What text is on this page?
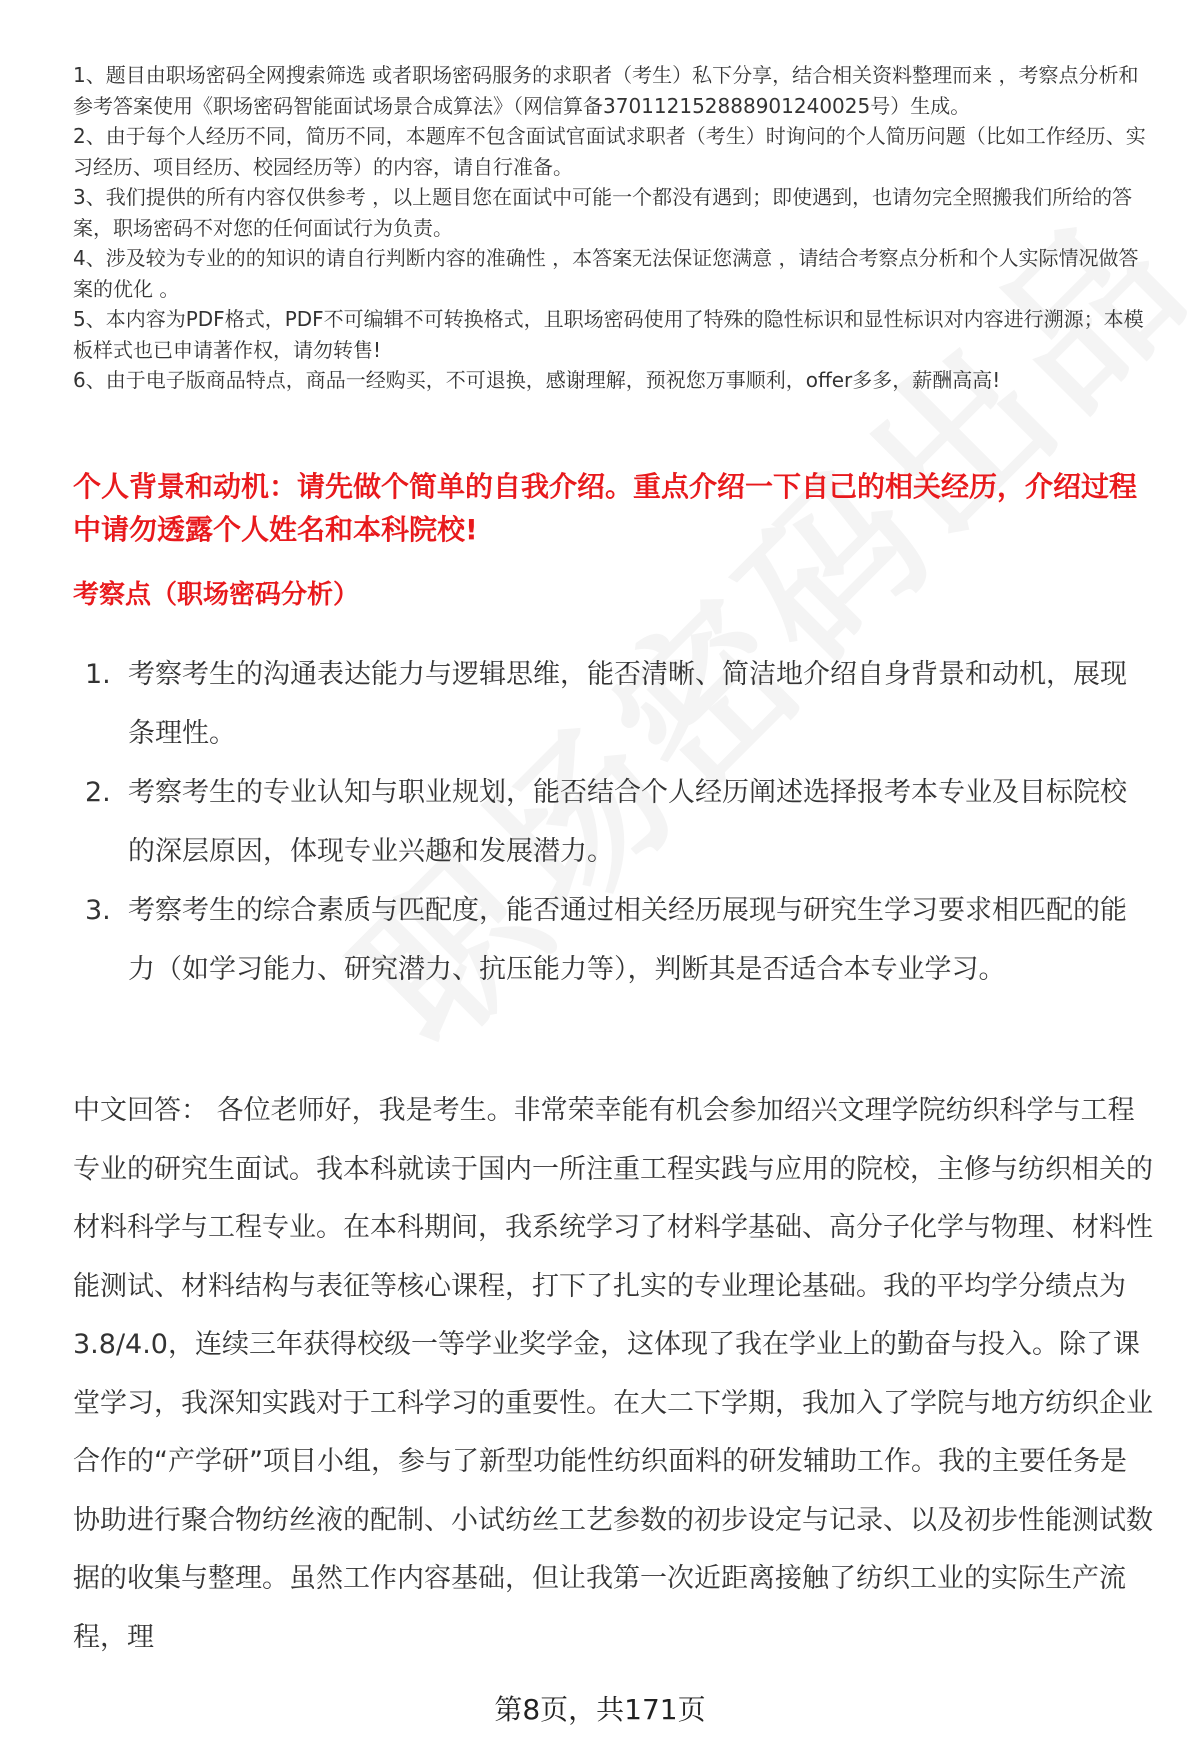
1、题目由职场密码全网搜索筛选 或者职场密码服务的求职者（考生）私下分享，结合相关资料整理而来 ，考察点分析和参考答案使用《职场密码智能面试场景合成算法》（网信算备370112152888901240025号）生成。

2、由于每个人经历不同，简历不同，本题库不包含面试官面试求职者（考生）时询问的个人简历问题（比如工作经历、实习经历、项目经历、校园经历等）的内容，请自行准备。

3、我们提供的所有内容仅供参考 ，以上题目您在面试中可能一个都没有遇到；即使遇到，也请勿完全照搬我们所给的答案，职场密码不对您的任何面试行为负责。

4、涉及较为专业的的知识的请自行判断内容的准确性 ，本答案无法保证您满意 ，请结合考察点分析和个人实际情况做答案的优化 。

5、本内容为PDF格式，PDF不可编辑不可转换格式，且职场密码使用了特殊的隐性标识和显性标识对内容进行溯源；本模板样式也已申请著作权，请勿转售!

6、由于电子版商品特点，商品一经购买，不可退换，感谢理解，预祝您万事顺利，offer多多，薪酬高高!

个人背景和动机：请先做个简单的自我介绍。重点介绍一下自己的相关经历，介绍过程中请勿透露个人姓名和本科院校!
考察点（职场密码分析）
1. 考察考生的沟通表达能力与逻辑思维，能否清晰、简洁地介绍自身背景和动机，展现条理性。
2. 考察考生的专业认知与职业规划，能否结合个人经历阐述选择报考本专业及目标院校的深层原因，体现专业兴趣和发展潜力。
3. 考察考生的综合素质与匹配度，能否通过相关经历展现与研究生学习要求相匹配的能力（如学习能力、研究潜力、抗压能力等），判断其是否适合本专业学习。

中文回答： 各位老师好，我是考生。非常荣幸能有机会参加绍兴文理学院纺织科学与工程专业的研究生面试。我本科就读于国内一所注重工程实践与应用的院校，主修与纺织相关的材料科学与工程专业。在本科期间，我系统学习了材料学基础、高分子化学与物理、材料性能测试、材料结构与表征等核心课程，打下了扎实的专业理论基础。我的平均学分绩点为3.8/4.0，连续三年获得校级一等学业奖学金，这体现了我在学业上的勤奋与投入。除了课堂学习，我深知实践对于工科学习的重要性。在大二下学期，我加入了学院与地方纺织企业合作的“产学研”项目小组，参与了新型功能性纺织面料的研发辅助工作。我的主要任务是协助进行聚合物纺丝液的配制、小试纺丝工艺参数的初步设定与记录、以及初步性能测试数据的收集与整理。虽然工作内容基础，但让我第一次近距离接触了纺织工业的实际生产流程，理

第8页，共171页
